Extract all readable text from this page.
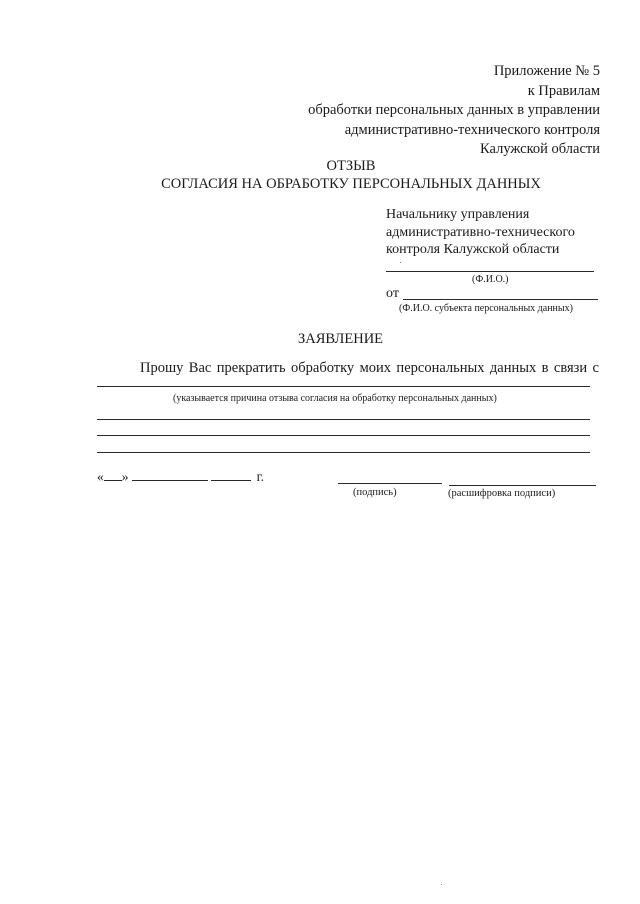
Приложение № 5
к Правилам
обработки персональных данных в управлении
административно-технического контроля
Калужской области
ОТЗЫВ
СОГЛАСИЯ НА ОБРАБОТКУ ПЕРСОНАЛЬНЫХ ДАННЫХ
Начальнику управления
административно-технического
контроля Калужской области
(Ф.И.О.)
от
(Ф.И.О. субъекта персональных данных)
ЗАЯВЛЕНИЕ
Прошу Вас прекратить обработку моих персональных данных в связи с
(указывается причина отзыва согласия на обработку персональных данных)
« »	г.
(подпись)	(расшифровка подписи)
